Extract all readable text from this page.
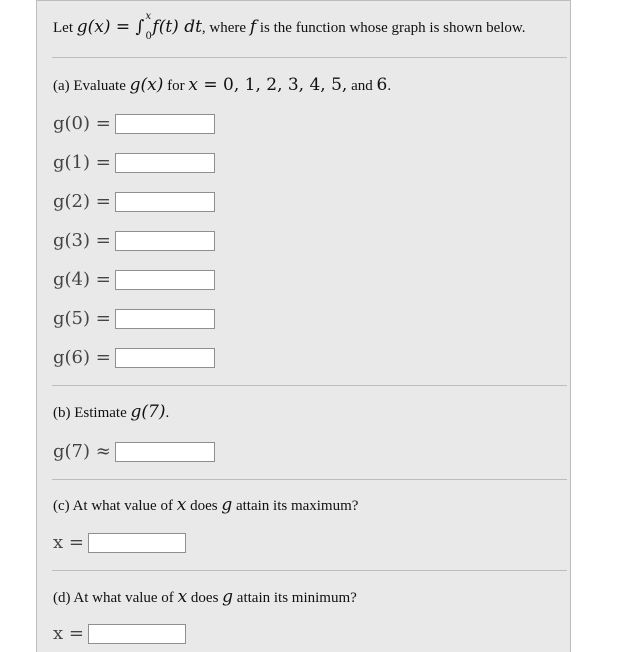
Let g(x) = ∫
x
0 f(t) dt, where f is the function whose graph is shown below.
(a) Evaluate g(x) for x = 0, 1, 2, 3, 4, 5, and 6.
g(0) =
g(1) =
g(2) =
g(3) =
g(4) =
g(5) =
g(6) =
(b) Estimate g(7).
g(7) ≈
(c) At what value of x does g attain its maximum?
x =
(d) At what value of x does g attain its minimum?
x =
